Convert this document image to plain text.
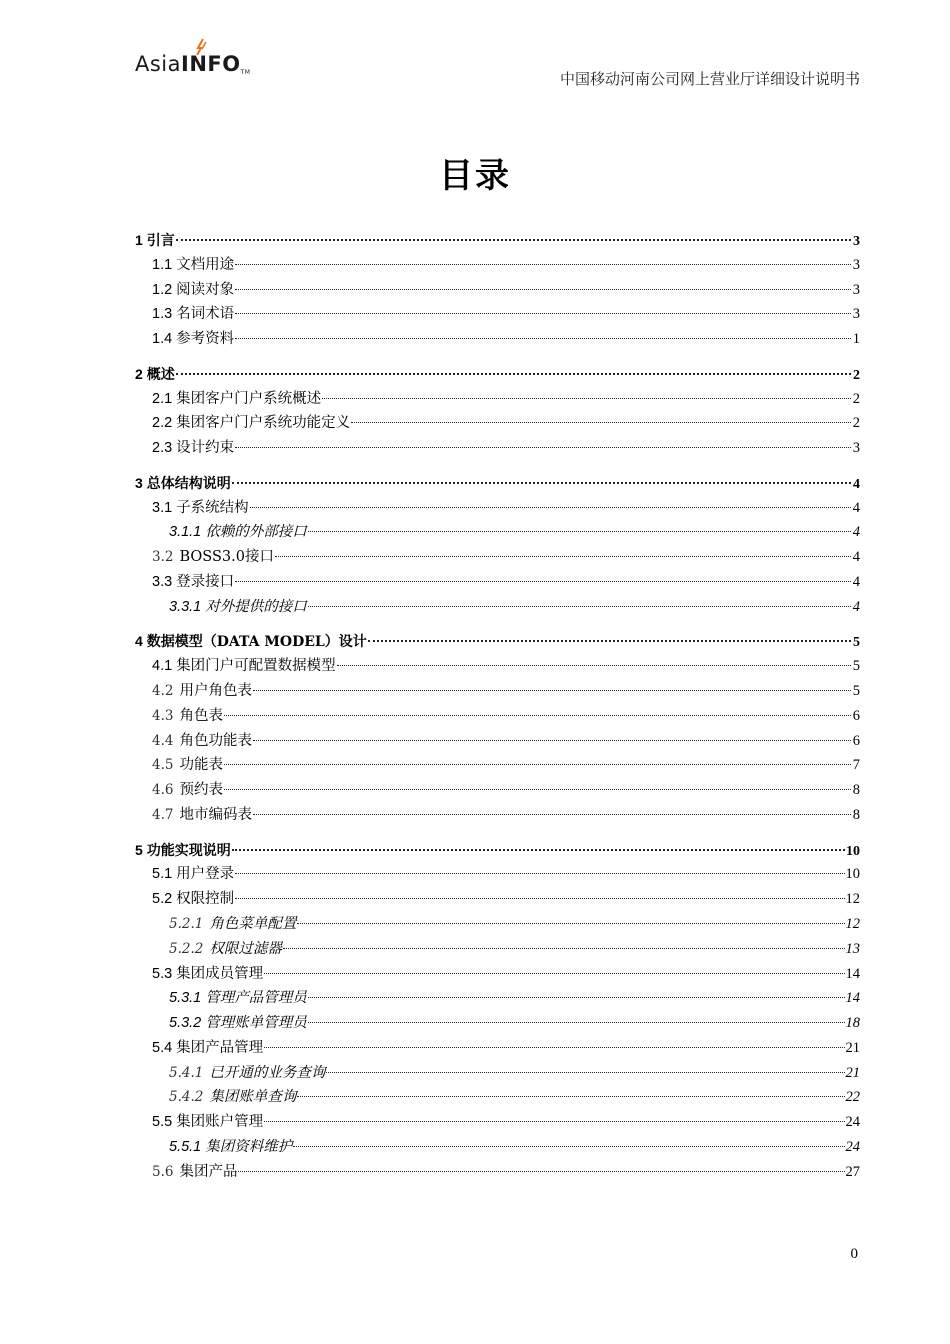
AsiaINFOTM	中国移动河南公司网上营业厅详细设计说明书
目录
1 引言	3
1.1 文档用途	3
1.2 阅读对象	3
1.3 名词术语	3
1.4 参考资料	1
2 概述	2
2.1 集团客户门户系统概述	2
2.2 集团客户门户系统功能定义	2
2.3 设计约束	3
3 总体结构说明	4
3.1 子系统结构	4
3.1.1 依赖的外部接口	4
3.2 BOSS3.0接口	4
3.3 登录接口	4
3.3.1 对外提供的接口	4
4 数据模型（DATA MODEL）设计	5
4.1 集团门户可配置数据模型	5
4.2 用户角色表	5
4.3 角色表	6
4.4 角色功能表	6
4.5 功能表	7
4.6 预约表	8
4.7 地市编码表	8
5 功能实现说明	10
5.1 用户登录	10
5.2 权限控制	12
5.2.1 角色菜单配置	12
5.2.2 权限过滤器	13
5.3 集团成员管理	14
5.3.1 管理产品管理员	14
5.3.2 管理账单管理员	18
5.4 集团产品管理	21
5.4.1 已开通的业务查询	21
5.4.2 集团账单查询	22
5.5 集团账户管理	24
5.5.1 集团资料维护	24
5.6 集团产品	27
0
